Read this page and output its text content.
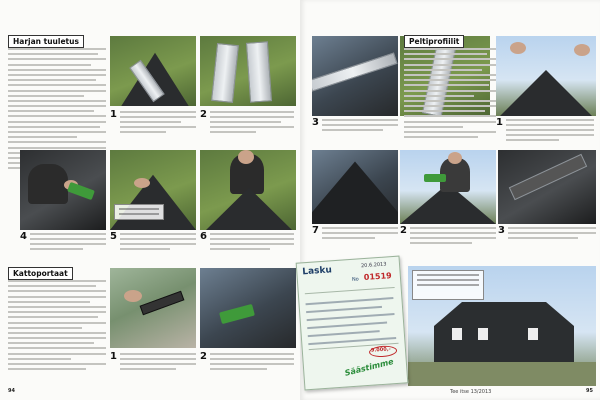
Harjan tuuletus
1	2
4	5	6
Kattoportaat
1	2
94
3
Peltiprofiilit
1
7	2	3
Tee itse 13/2013	95
Lasku	20.6.2013
No 01519
9.000,-
Säästimme
